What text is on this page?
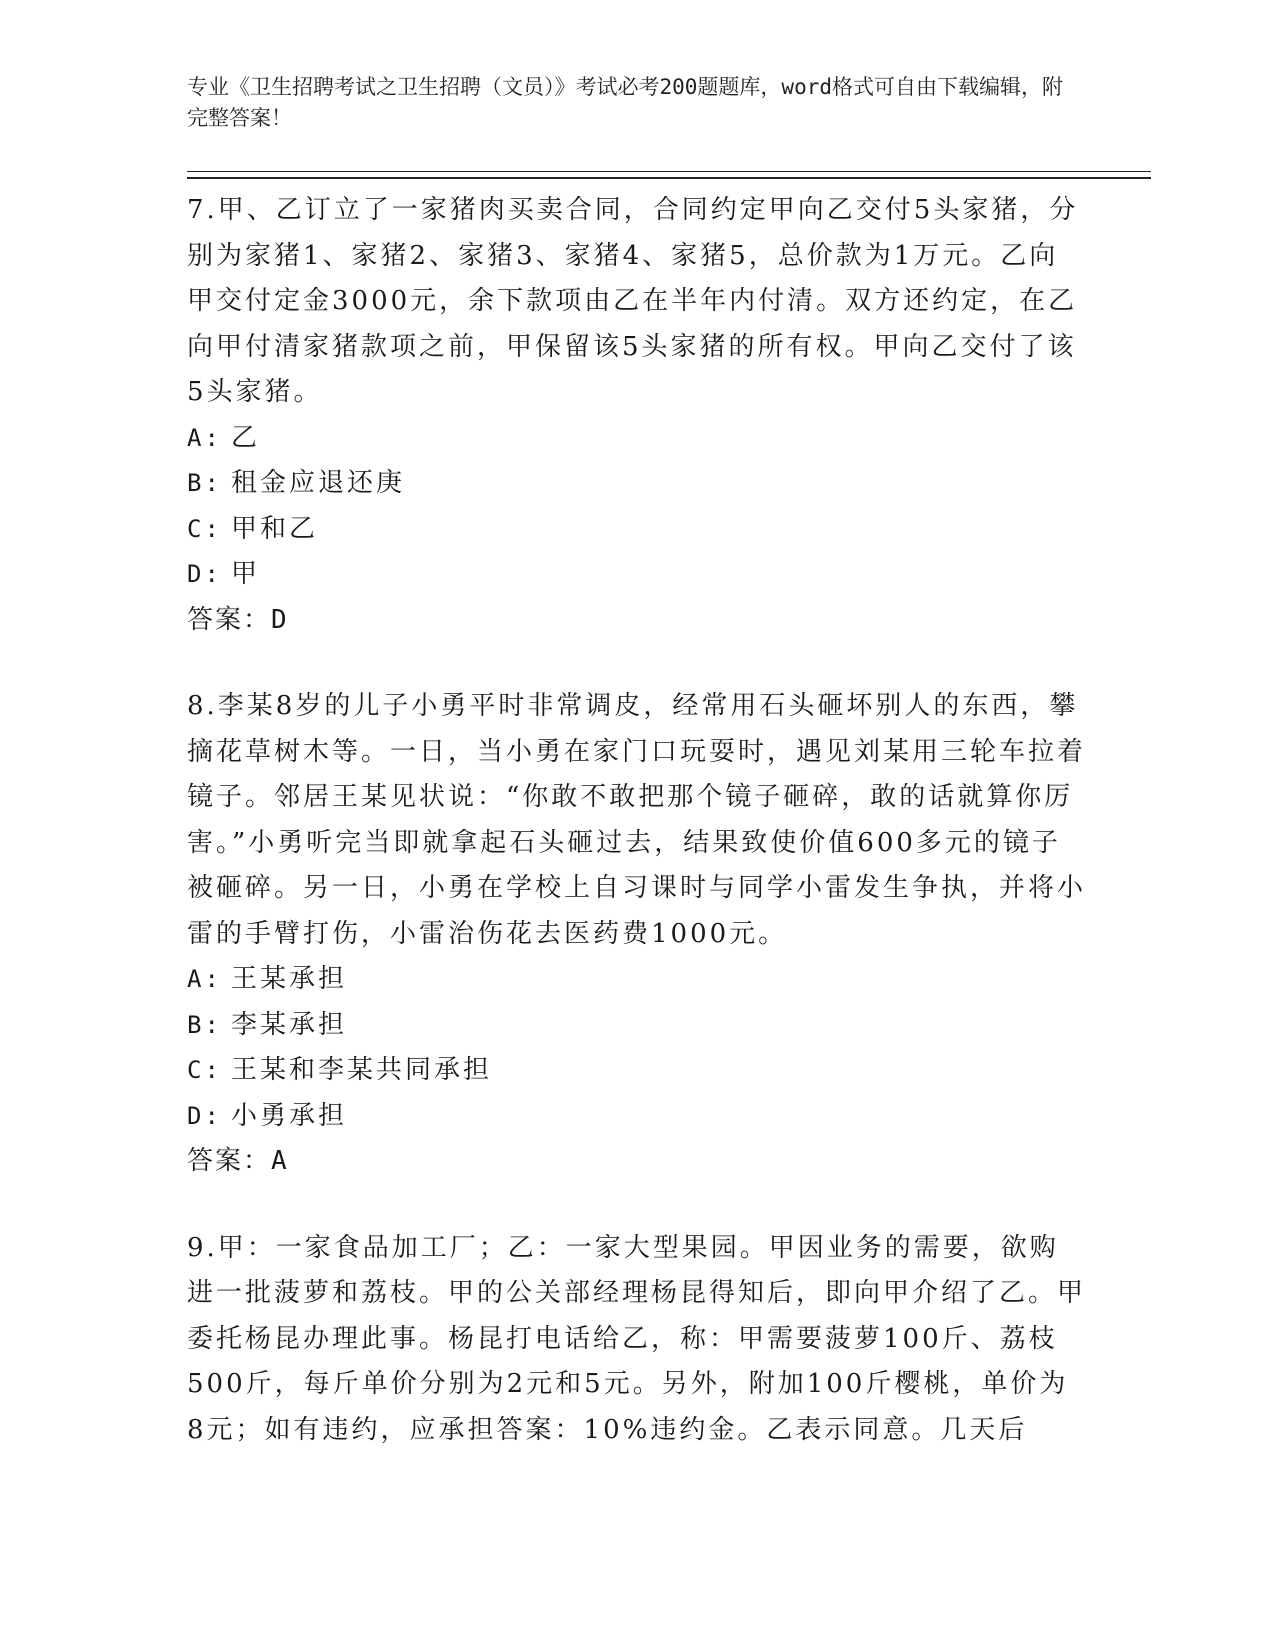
专业《卫生招聘考试之卫生招聘（文员）》考试必考200题题库，word格式可自由下载编辑，附完整答案！

7.甲、乙订立了一家猪肉买卖合同，合同约定甲向乙交付5头家猪，分别为家猪1、家猪2、家猪3、家猪4、家猪5，总价款为1万元。乙向甲交付定金3000元，余下款项由乙在半年内付清。双方还约定，在乙向甲付清家猪款项之前，甲保留该5头家猪的所有权。甲向乙交付了该5头家猪。

A: 乙
B: 租金应退还庚
C: 甲和乙
D: 甲
答案：D

8.李某8岁的儿子小勇平时非常调皮，经常用石头砸坏别人的东西，攀摘花草树木等。一日，当小勇在家门口玩耍时，遇见刘某用三轮车拉着镜子。邻居王某见状说：“你敢不敢把那个镜子砸碎，敢的话就算你厉害。”小勇听完当即就拿起石头砸过去，结果致使价值600多元的镜子被砸碎。另一日，小勇在学校上自习课时与同学小雷发生争执，并将小雷的手臂打伤，小雷治伤花去医药费1000元。

A: 王某承担
B: 李某承担
C: 王某和李某共同承担
D: 小勇承担
答案：A

9.甲：一家食品加工厂；乙：一家大型果园。甲因业务的需要，欲购进一批菠萝和荔枝。甲的公关部经理杨昆得知后，即向甲介绍了乙。甲委托杨昆办理此事。杨昆打电话给乙，称：甲需要菠萝100斤、荔枝500斤，每斤单价分别为2元和5元。另外，附加100斤樱桃，单价为8元；如有违约，应承担答案：10%违约金。乙表示同意。几天后
